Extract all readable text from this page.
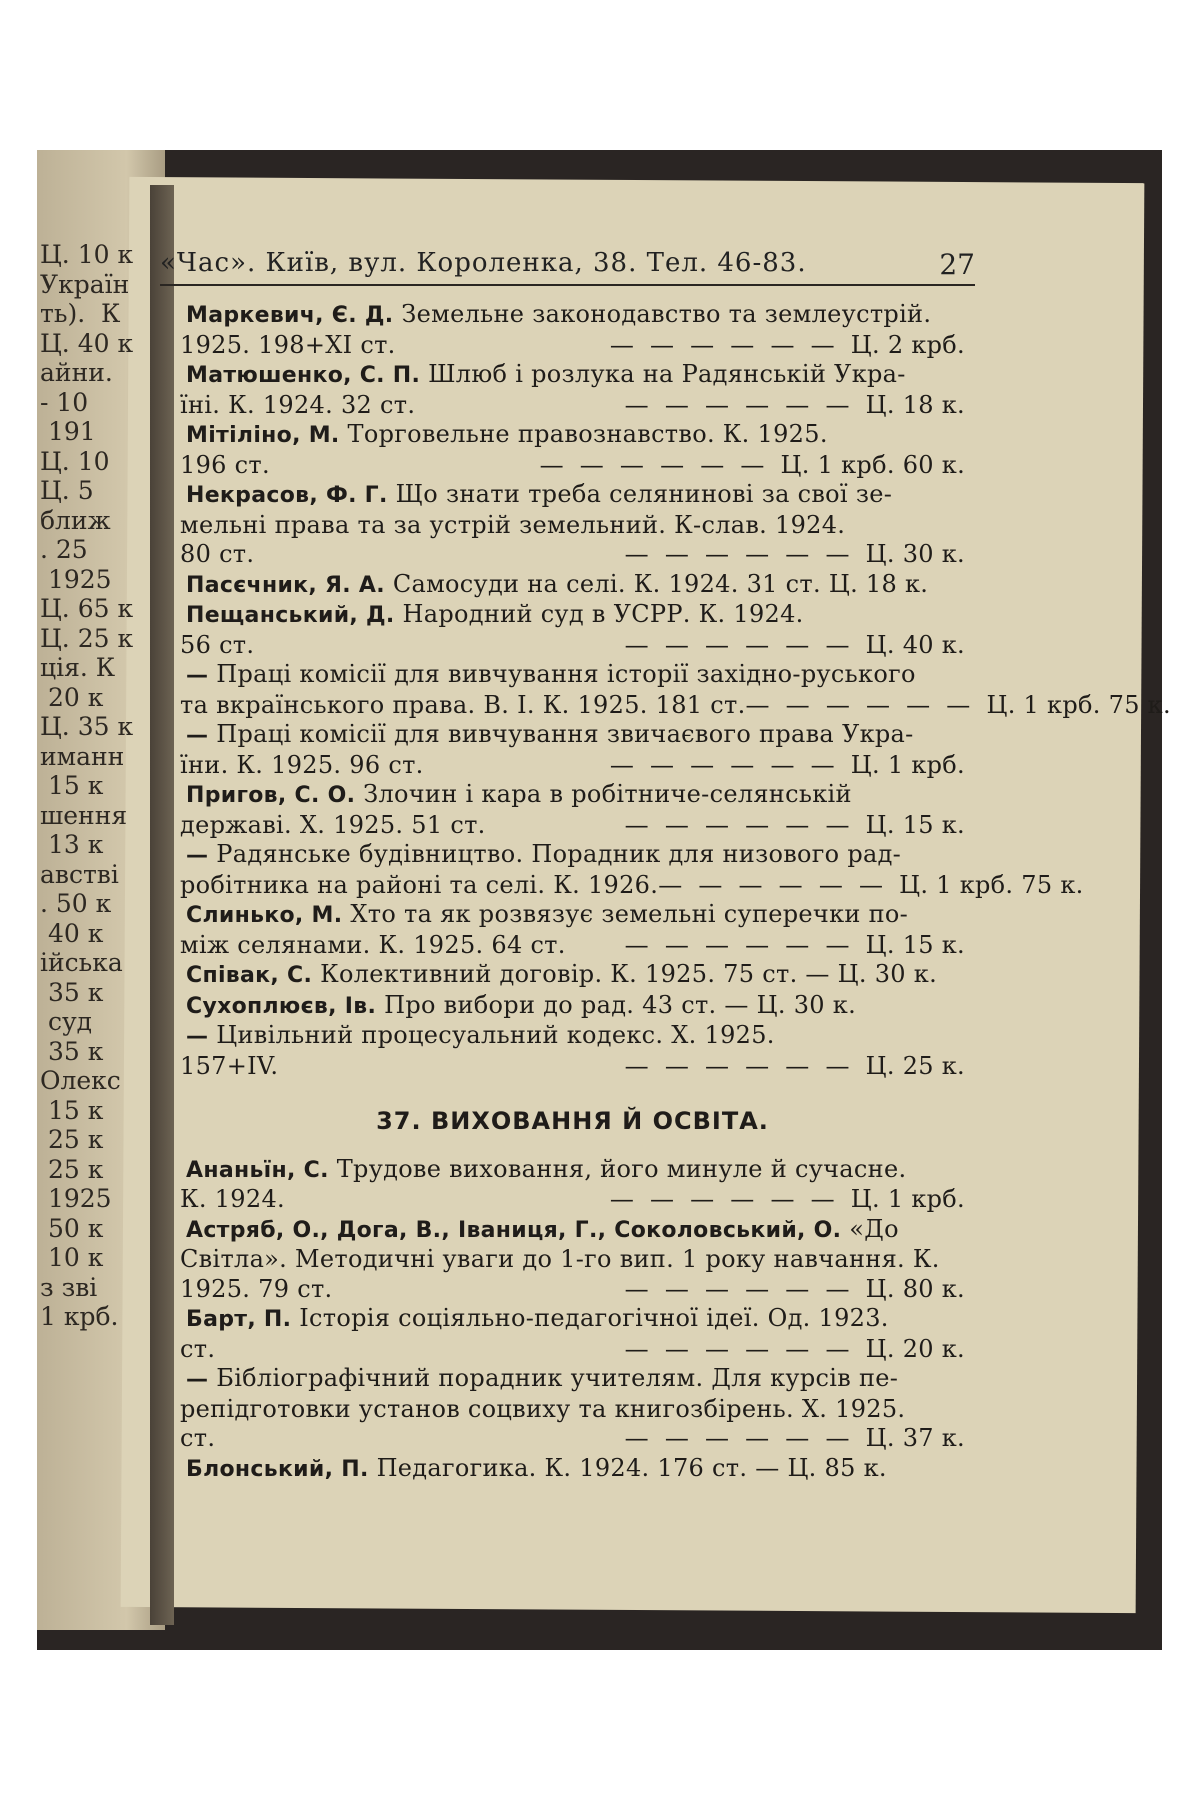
Ц. 10 к
Україн
ть).  К
Ц. 40 к
айни.
- 10
191
Ц. 10
Ц. 5
ближ
. 25
1925
Ц. 65 к
Ц. 25 к
ція. К
20 к
Ц. 35 к
иманн
15 к
шення
13 к
австві
. 50 к
40 к
ійська
35 к
суд
35 к
Олекс
15 к
25 к
25 к
1925
50 к
10 к
з зві
1 крб.
«Час». Київ, вул. Короленка, 38. Тел. 46-83.	27
Маркевич, Є. Д. Земельне законодавство та землеустрій.
1925. 198+XI ст.	—  —  —  —  —  —  Ц. 2 крб.
Матюшенко, С. П. Шлюб і розлука на Радянській Укра-
їні. К. 1924. 32 ст.	—  —  —  —  —  —  Ц. 18 к.
Мітіліно, М. Торговельне правознавство. К. 1925.
196 ст.	—  —  —  —  —  —  Ц. 1 крб. 60 к.
Некрасов, Ф. Г. Що знати треба селянинові за свої зе-
мельні права та за устрій земельний. К-слав. 1924.
80 ст.	—  —  —  —  —  —  Ц. 30 к.
Пасєчник, Я. А. Самосуди на селі. К. 1924. 31 ст. Ц. 18 к.
Пещанський, Д. Народний суд в УСРР. К. 1924.
56 ст.	—  —  —  —  —  —  Ц. 40 к.
— Праці комісії для вивчування історії західно-руського
та вкраїнського права. В. І. К. 1925. 181 ст. —  —  —  —  —  —  Ц. 1 крб. 75 к.
— Праці комісії для вивчування звичаєвого права Укра-
їни. К. 1925. 96 ст.	—  —  —  —  —  —  Ц. 1 крб.
Пригов, С. О. Злочин і кара в робітниче-селянській
державі. Х. 1925. 51 ст.	—  —  —  —  —  —  Ц. 15 к.
— Радянське будівництво. Порадник для низового рад-
робітника на районі та селі. К. 1926. —  —  —  —  —  —  Ц. 1 крб. 75 к.
Слинько, М. Хто та як розвязує земельні суперечки по-
між селянами. К. 1925. 64 ст. —  —  —  —  —  —  Ц. 15 к.
Співак, С. Колективний договір. К. 1925. 75 ст. — Ц. 30 к.
Сухоплюєв, Ів. Про вибори до рад. 43 ст. — Ц. 30 к.
— Цивільний процесуальний кодекс. Х. 1925.
157+IV.	—  —  —  —  —  —  Ц. 25 к.
37. ВИХОВАННЯ Й ОСВІТА.
Ананьїн, С. Трудове виховання, його минуле й сучасне.
К. 1924.	—  —  —  —  —  —  Ц. 1 крб.
Астряб, О., Дога, В., Іваниця, Г., Соколовський, О. «До
Світла». Методичні уваги до 1-го вип. 1 року навчання. К.
1925. 79 ст.	—  —  —  —  —  —  Ц. 80 к.
Барт, П. Історія соціяльно-педагогічної ідеї. Од. 1923.
ст.	—  —  —  —  —  —  Ц. 20 к.
— Бібліографічний порадник учителям. Для курсів пе-
репідготовки установ соцвиху та книгозбірень. Х. 1925.
ст.	—  —  —  —  —  —  Ц. 37 к.
Блонський, П. Педагогика. К. 1924. 176 ст. — Ц. 85 к.
